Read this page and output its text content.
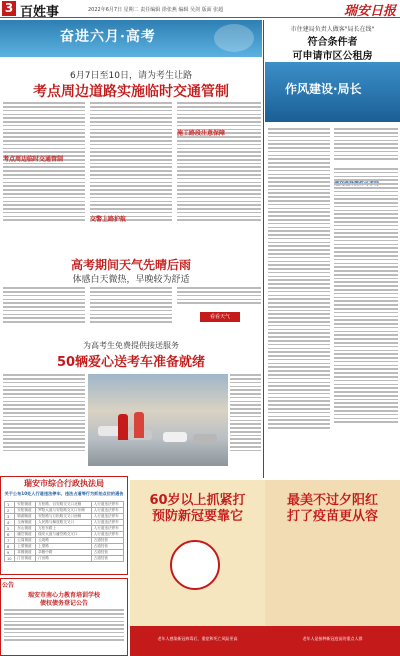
3 百姓事	2022年6月7日 星期二 责任编辑 徐张燕 编辑 吴剑 版面 张超	瑞安日报
奋进六月·高考
6月7日至10日，请为考生让路
考点周边道路实施临时交通管制
考点周边临时交通管制
交警上路护航
施工路段注意保障
高考期间天气先晴后雨
体感白天微热，早晚较为舒适
看看天气
为高考生免费提供接送服务
50辆爱心送考车准备就绪
瑞安市综合行政执法局
关于公布10处人行道违法停车、违法占道等行为抓拍点位的通告
1	安阳街道	万松路、百安路交叉口北侧	人行道违法停车
2	安阳街道	罗阳大道与安阳路交叉口东侧	人行道违法停车
3	锦湖街道	安阳路与万松路交叉口西侧	人行道违法停车
4	玉海街道	人民路与解放路交叉口	人行道违法停车
5	东山街道	万松东路上	人行道违法停车
6	潘岱街道	瑞安大道与潘岱路交叉口	人行道违法停车
7	云周街道	云周路	占道经营
8	上望街道	上望路	占道经营
9	莘塍街道	莘塍中路	占道经营
10	汀田街道	汀田路	占道经营
公告
瑞安市南心力教育培训学校
债权债务登记公告
60岁以上抓紧打
预防新冠要靠它
老年人感染新冠病毒后，重症和死亡风险更高
最美不过夕阳红
打了疫苗更从容
老年人是接种新冠疫苗的重点人群
市住建局负责人做客"局长在线"
符合条件者
可申请市区公租房
作风建设·局长
